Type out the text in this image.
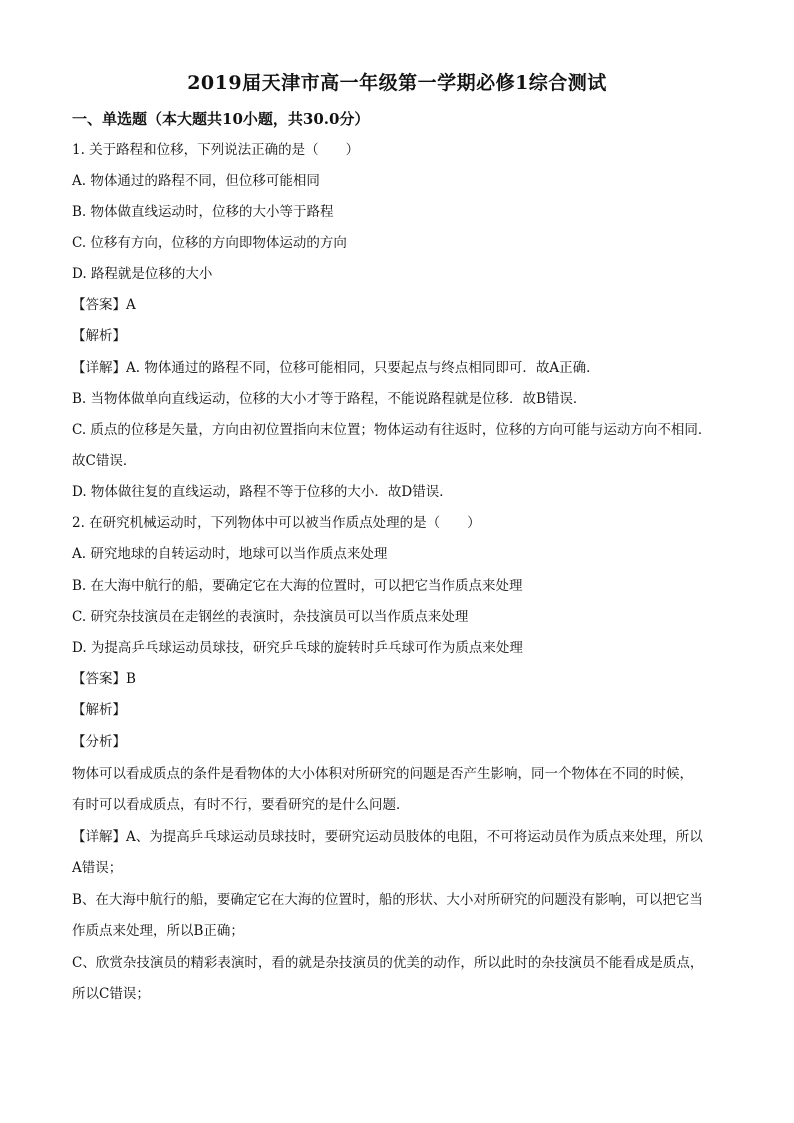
2019届天津市高一年级第一学期必修1综合测试
一、单选题（本大题共10小题，共30.0分）
1. 关于路程和位移，下列说法正确的是（　　）
A. 物体通过的路程不同，但位移可能相同
B. 物体做直线运动时，位移的大小等于路程
C. 位移有方向，位移的方向即物体运动的方向
D. 路程就是位移的大小
【答案】A
【解析】
【详解】A. 物体通过的路程不同，位移可能相同，只要起点与终点相同即可．故A正确．
B. 当物体做单向直线运动，位移的大小才等于路程，不能说路程就是位移．故B错误．
C. 质点的位移是矢量，方向由初位置指向末位置；物体运动有往返时，位移的方向可能与运动方向不相同．
故C错误．
D. 物体做往复的直线运动，路程不等于位移的大小．故D错误．
2. 在研究机械运动时，下列物体中可以被当作质点处理的是（　　）
A. 研究地球的自转运动时，地球可以当作质点来处理
B. 在大海中航行的船，要确定它在大海的位置时，可以把它当作质点来处理
C. 研究杂技演员在走钢丝的表演时，杂技演员可以当作质点来处理
D. 为提高乒乓球运动员球技，研究乒乓球的旋转时乒乓球可作为质点来处理
【答案】B
【解析】
【分析】
物体可以看成质点的条件是看物体的大小体积对所研究的问题是否产生影响，同一个物体在不同的时候，
有时可以看成质点，有时不行，要看研究的是什么问题．
【详解】A、为提高乒乓球运动员球技时，要研究运动员肢体的电阻，不可将运动员作为质点来处理，所以
A错误；
B、在大海中航行的船，要确定它在大海的位置时，船的形状、大小对所研究的问题没有影响，可以把它当
作质点来处理，所以B正确；
C、欣赏杂技演员的精彩表演时，看的就是杂技演员的优美的动作，所以此时的杂技演员不能看成是质点，
所以C错误；
